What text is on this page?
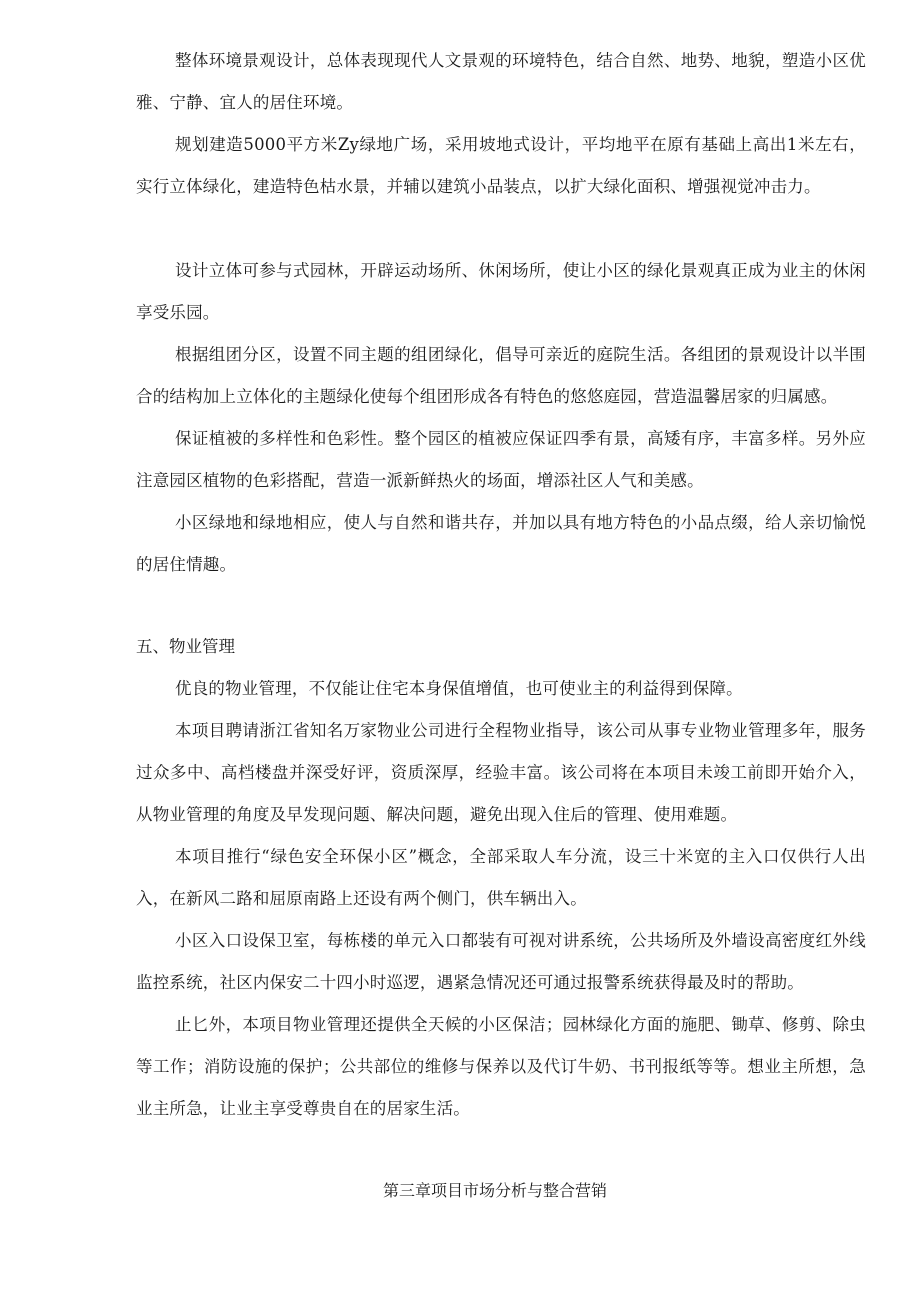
整体环境景观设计，总体表现现代人文景观的环境特色，结合自然、地势、地貌，塑造小区优雅、宁静、宜人的居住环境。

规划建造5000平方米Zy绿地广场，采用坡地式设计，平均地平在原有基础上高出1米左右，实行立体绿化，建造特色枯水景，并辅以建筑小品装点，以扩大绿化面积、增强视觉冲击力。

设计立体可参与式园林，开辟运动场所、休闲场所，使让小区的绿化景观真正成为业主的休闲享受乐园。

根据组团分区，设置不同主题的组团绿化，倡导可亲近的庭院生活。各组团的景观设计以半围合的结构加上立体化的主题绿化使每个组团形成各有特色的悠悠庭园，营造温馨居家的归属感。

保证植被的多样性和色彩性。整个园区的植被应保证四季有景，高矮有序，丰富多样。另外应注意园区植物的色彩搭配，营造一派新鲜热火的场面，增添社区人气和美感。

小区绿地和绿地相应，使人与自然和谐共存，并加以具有地方特色的小品点缀，给人亲切愉悦的居住情趣。

五、物业管理

优良的物业管理，不仅能让住宅本身保值增值，也可使业主的利益得到保障。

本项目聘请浙江省知名万家物业公司进行全程物业指导，该公司从事专业物业管理多年，服务过众多中、高档楼盘并深受好评，资质深厚，经验丰富。该公司将在本项目未竣工前即开始介入，从物业管理的角度及早发现问题、解决问题，避免出现入住后的管理、使用难题。

本项目推行“绿色安全环保小区”概念，全部采取人车分流，设三十米宽的主入口仅供行人出入，在新风二路和屈原南路上还设有两个侧门，供车辆出入。

小区入口设保卫室，每栋楼的单元入口都装有可视对讲系统，公共场所及外墙设高密度红外线监控系统，社区内保安二十四小时巡逻，遇紧急情况还可通过报警系统获得最及时的帮助。

止匕外，本项目物业管理还提供全天候的小区保洁；园林绿化方面的施肥、锄草、修剪、除虫等工作；消防设施的保护；公共部位的维修与保养以及代订牛奶、书刊报纸等等。想业主所想，急业主所急，让业主享受尊贵自在的居家生活。

第三章项目市场分析与整合营销
